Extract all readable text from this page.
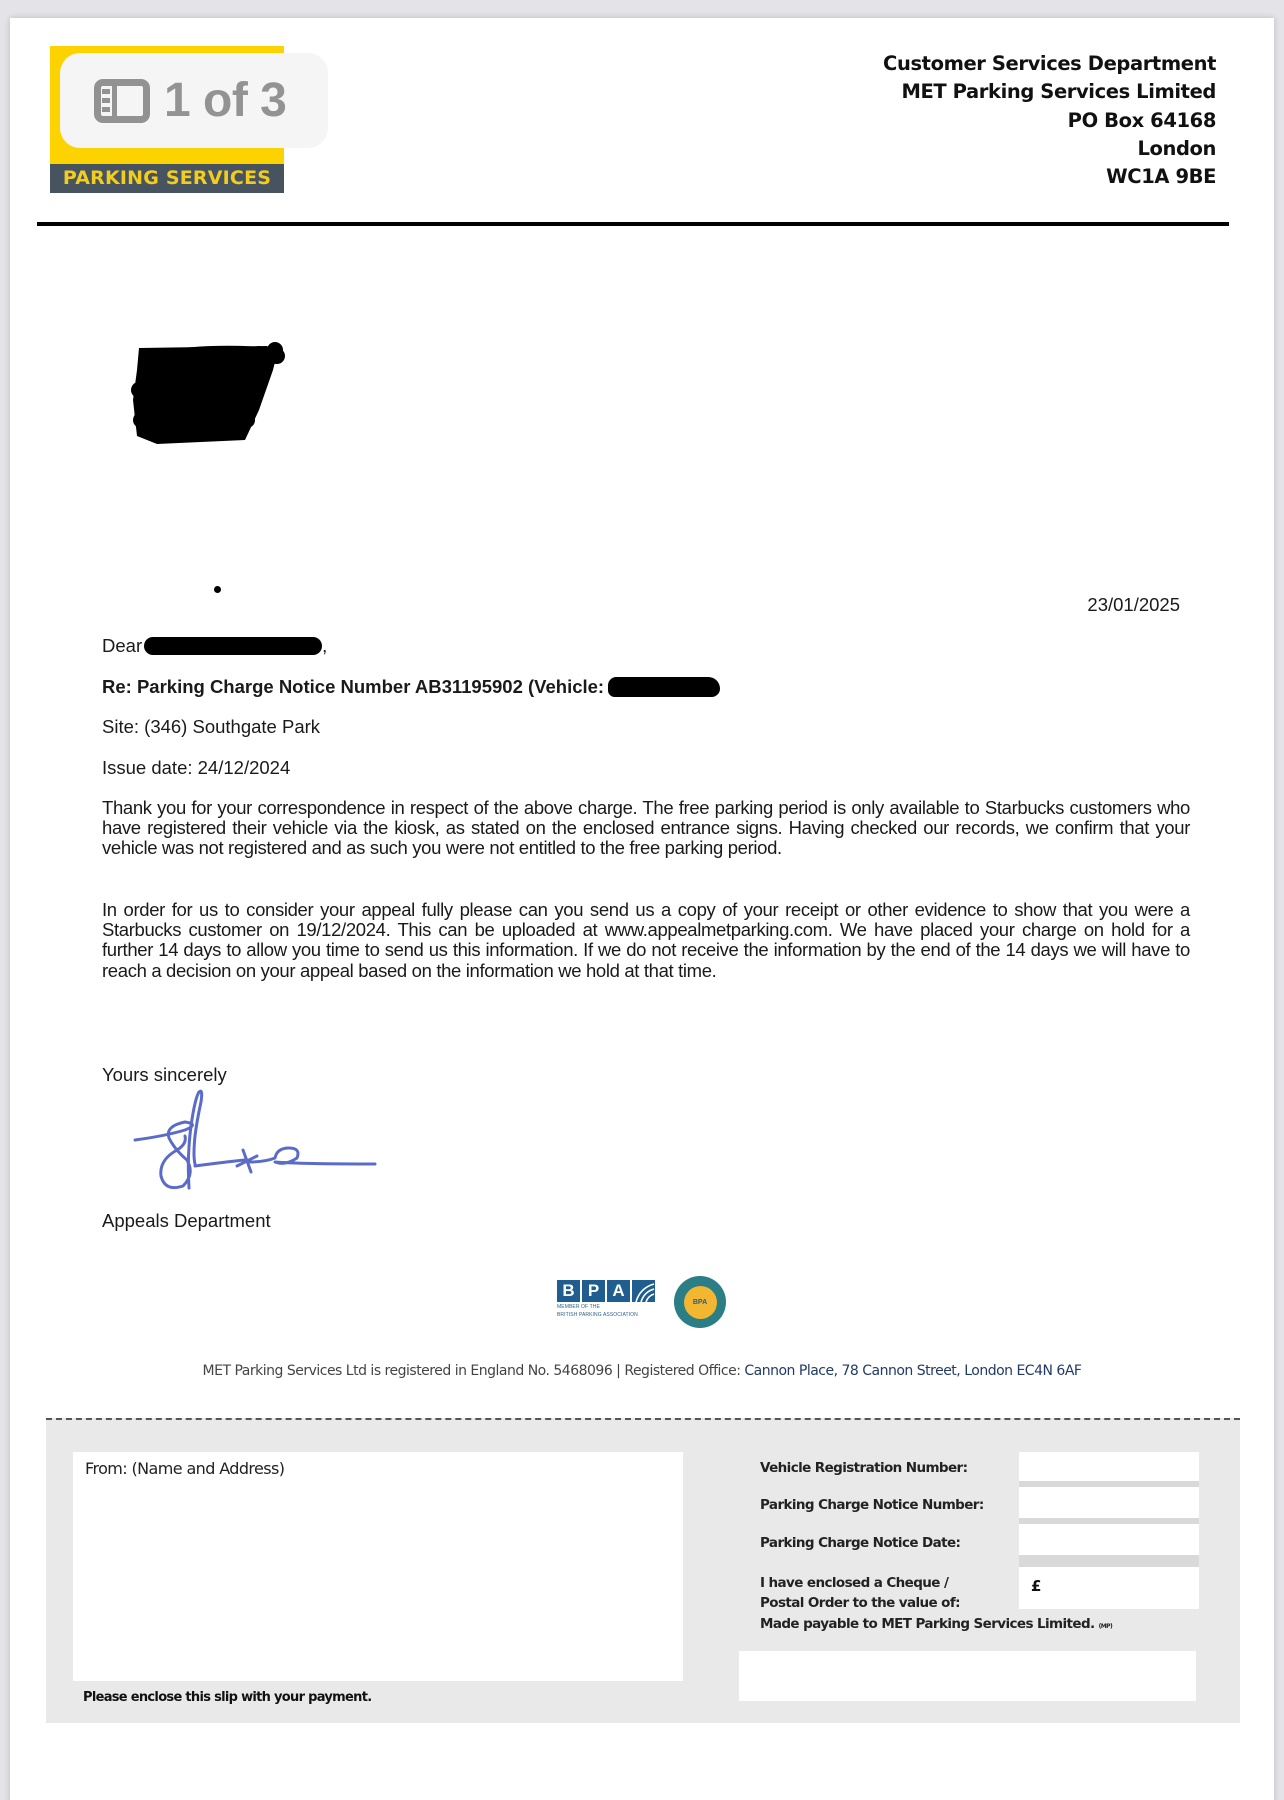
PARKING SERVICES
1 of 3
Customer Services Department
MET Parking Services Limited
PO Box 64168
London
WC1A 9BE
23/01/2025
Dear	,
Re: Parking Charge Notice Number AB31195902 (Vehicle:
Site: (346) Southgate Park
Issue date: 24/12/2024

Thank you for your correspondence in respect of the above charge. The free parking period is only available to Starbucks customers who have registered their vehicle via the kiosk, as stated on the enclosed entrance signs. Having checked our records, we confirm that your vehicle was not registered and as such you were not entitled to the free parking period.

In order for us to consider your appeal fully please can you send us a copy of your receipt or other evidence to show that you were a Starbucks customer on 19/12/2024. This can be uploaded at www.appealmetparking.com. We have placed your charge on hold for a further 14 days to allow you time to send us this information. If we do not receive the information by the end of the 14 days we will have to reach a decision on your appeal based on the information we hold at that time.

Yours sincerely
Appeals Department
B P A
MEMBER OF THE
BRITISH PARKING ASSOCIATION
BPA
MET Parking Services Ltd is registered in England No. 5468096 | Registered Office: Cannon Place, 78 Cannon Street, London EC4N 6AF
From: (Name and Address)
Please enclose this slip with your payment.
Vehicle Registration Number:
Parking Charge Notice Number:
Parking Charge Notice Date:
I have enclosed a Cheque /
Postal Order to the value of:
£
Made payable to MET Parking Services Limited. (MP)
